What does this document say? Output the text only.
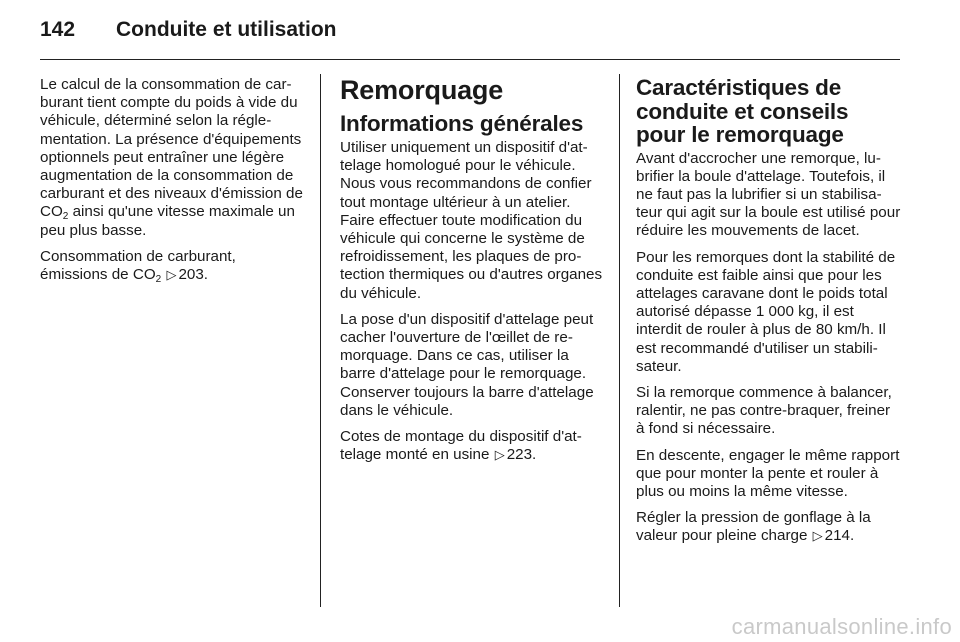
142	Conduite et utilisation

Le calcul de la consommation de carburant tient compte du poids à vide du véhicule, déterminé selon la réglementation. La présence d'équipements optionnels peut entraîner une légère augmentation de la consommation de carburant et des niveaux d'émission de $CO_2$ ainsi qu'une vitesse maximale un peu plus basse.

Consommation de carburant, émissions de $CO_2$ ▷ 203.

Remorquage
Informations générales

Utiliser uniquement un dispositif d'attelage homologué pour le véhicule. Nous vous recommandons de confier tout montage ultérieur à un atelier. Faire effectuer toute modification du véhicule qui concerne le système de refroidissement, les plaques de protection thermiques ou d'autres organes du véhicule.

La pose d'un dispositif d'attelage peut cacher l'ouverture de l'œillet de remorquage. Dans ce cas, utiliser la barre d'attelage pour le remorquage. Conserver toujours la barre d'attelage dans le véhicule.

Cotes de montage du dispositif d'attelage monté en usine ▷ 223.

Caractéristiques de conduite et conseils pour le remorquage

Avant d'accrocher une remorque, lubrifier la boule d'attelage. Toutefois, il ne faut pas la lubrifier si un stabilisateur qui agit sur la boule est utilisé pour réduire les mouvements de lacet.

Pour les remorques dont la stabilité de conduite est faible ainsi que pour les attelages caravane dont le poids total autorisé dépasse 1 000 kg, il est interdit de rouler à plus de 80 km/h. Il est recommandé d'utiliser un stabilisateur.

Si la remorque commence à balancer, ralentir, ne pas contre-braquer, freiner à fond si nécessaire.

En descente, engager le même rapport que pour monter la pente et rouler à plus ou moins la même vitesse.

Régler la pression de gonflage à la valeur pour pleine charge ▷ 214.

carmanualsonline.info
